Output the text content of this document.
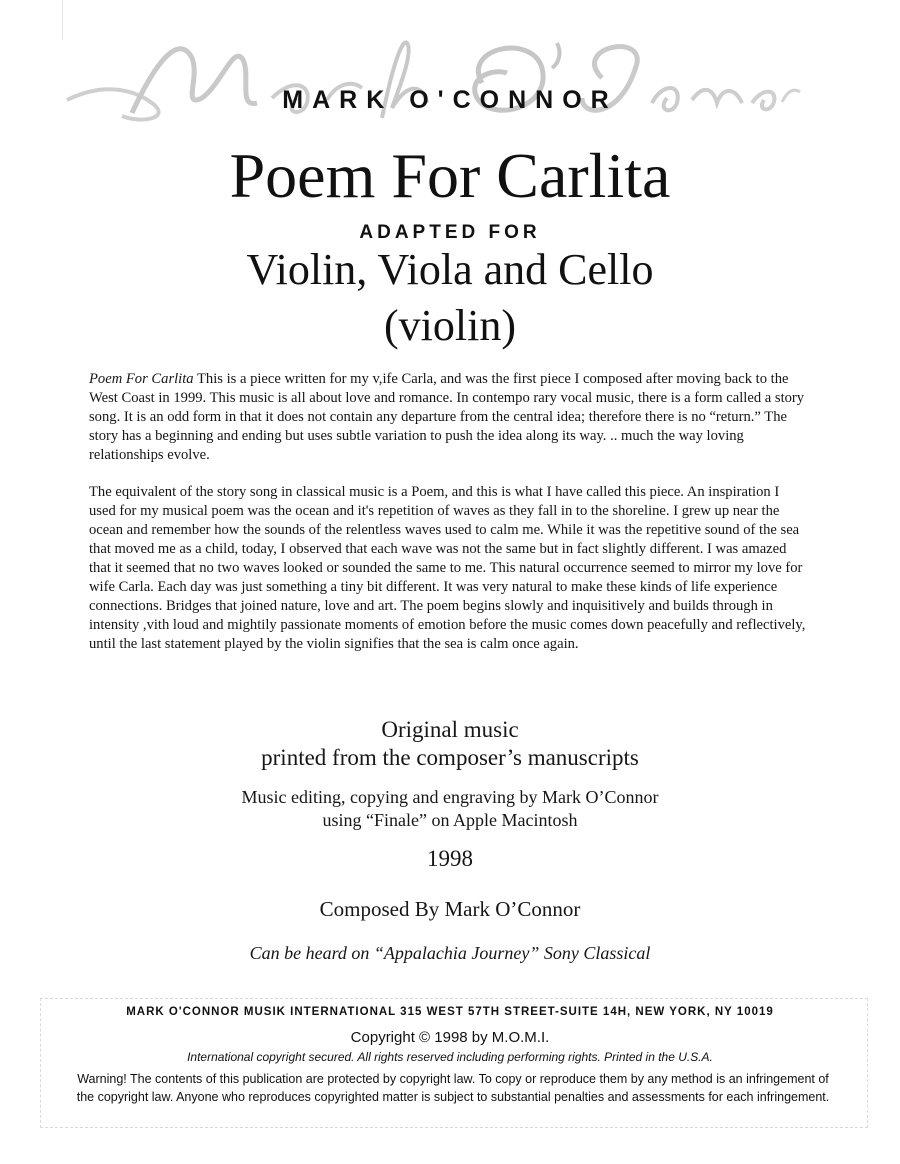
MARK O'CONNOR
Poem For Carlita
ADAPTED FOR
Violin, Viola and Cello
(violin)

Poem For Carlita This is a piece written for my v,ife Carla, and was the first piece I composed after moving back to the West Coast in 1999. This music is all about love and romance. In contempo rary vocal music, there is a form called a story song. It is an odd form in that it does not contain any departure from the central idea; therefore there is no “return.” The story has a beginning and ending but uses subtle variation to push the idea along its way. .. much the way loving relationships evolve.

The equivalent of the story song in classical music is a Poem, and this is what I have called this piece. An inspiration I used for my musical poem was the ocean and it's repetition of waves as they fall in to the shoreline. I grew up near the ocean and remember how the sounds of the relentless waves used to calm me. While it was the repetitive sound of the sea that moved me as a child, today, I observed that each wave was not the same but in fact slightly different. I was amazed that it seemed that no two waves looked or sounded the same to me. This natural occurrence seemed to mirror my love for wife Carla. Each day was just something a tiny bit different. It was very natural to make these kinds of life experience connections. Bridges that joined nature, love and art. The poem begins slowly and inquisitively and builds through in intensity ,vith loud and mightily passionate moments of emotion before the music comes down peacefully and reflectively, until the last statement played by the violin signifies that the sea is calm once again.

Original music
printed from the composer’s manuscripts
Music editing, copying and engraving by Mark O’Connor
using “Finale” on Apple Macintosh
1998
Composed By Mark O’Connor
Can be heard on “Appalachia Journey” Sony Classical
MARK O'CONNOR MUSIK INTERNATIONAL 315 WEST 57TH STREET-SUITE 14H, NEW YORK, NY 10019
Copyright © 1998 by M.O.M.I.
International copyright secured. All rights reserved including performing rights. Printed in the U.S.A.
Warning! The contents of this publication are protected by copyright law. To copy or reproduce them by any method is an infringement of the copyright law. Anyone who reproduces copyrighted matter is subject to substantial penalties and assessments for each infringement.
